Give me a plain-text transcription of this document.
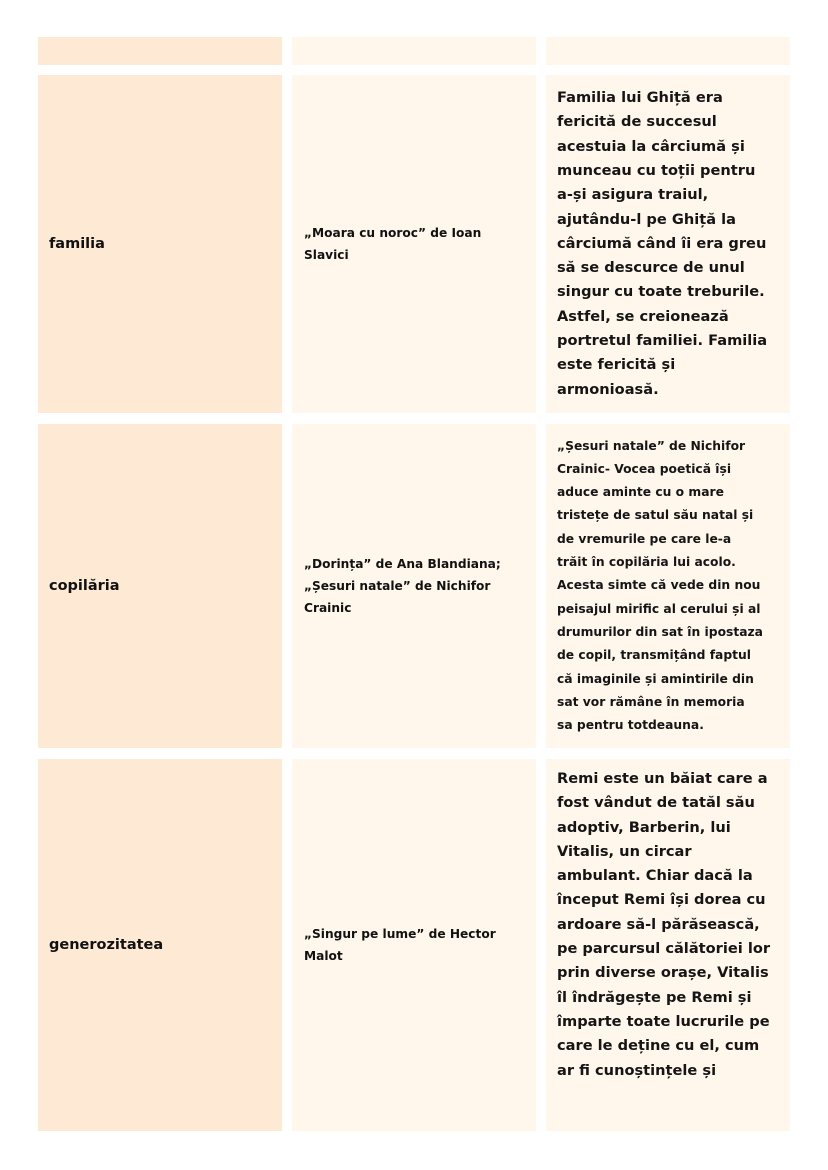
familia
„Moara cu noroc” de Ioan Slavici
Familia lui Ghiță era
fericită de succesul
acestuia la cârciumă și
munceau cu toții pentru
a-și asigura traiul,
ajutându-l pe Ghiță la
cârciumă când îi era greu
să se descurce de unul
singur cu toate treburile.
Astfel, se creionează
portretul familiei. Familia
este fericită și
armonioasă.
copilăria
„Dorința” de Ana Blandiana; „Șesuri natale” de Nichifor Crainic
„Șesuri natale” de Nichifor
Crainic- Vocea poetică își
aduce aminte cu o mare
tristețe de satul său natal și
de vremurile pe care le-a
trăit în copilăria lui acolo.
Acesta simte că vede din nou
peisajul mirific al cerului și al
drumurilor din sat în ipostaza
de copil, transmițând faptul
că imaginile și amintirile din
sat vor rămâne în memoria
sa pentru totdeauna.
generozitatea
„Singur pe lume” de Hector Malot
Remi este un băiat care a
fost vândut de tatăl său
adoptiv, Barberin, lui
Vitalis, un circar
ambulant. Chiar dacă la
început Remi își dorea cu
ardoare să-l părăsească,
pe parcursul călătoriei lor
prin diverse orașe, Vitalis
îl îndrăgește pe Remi și
împarte toate lucrurile pe
care le deține cu el, cum
ar fi cunoștințele și
